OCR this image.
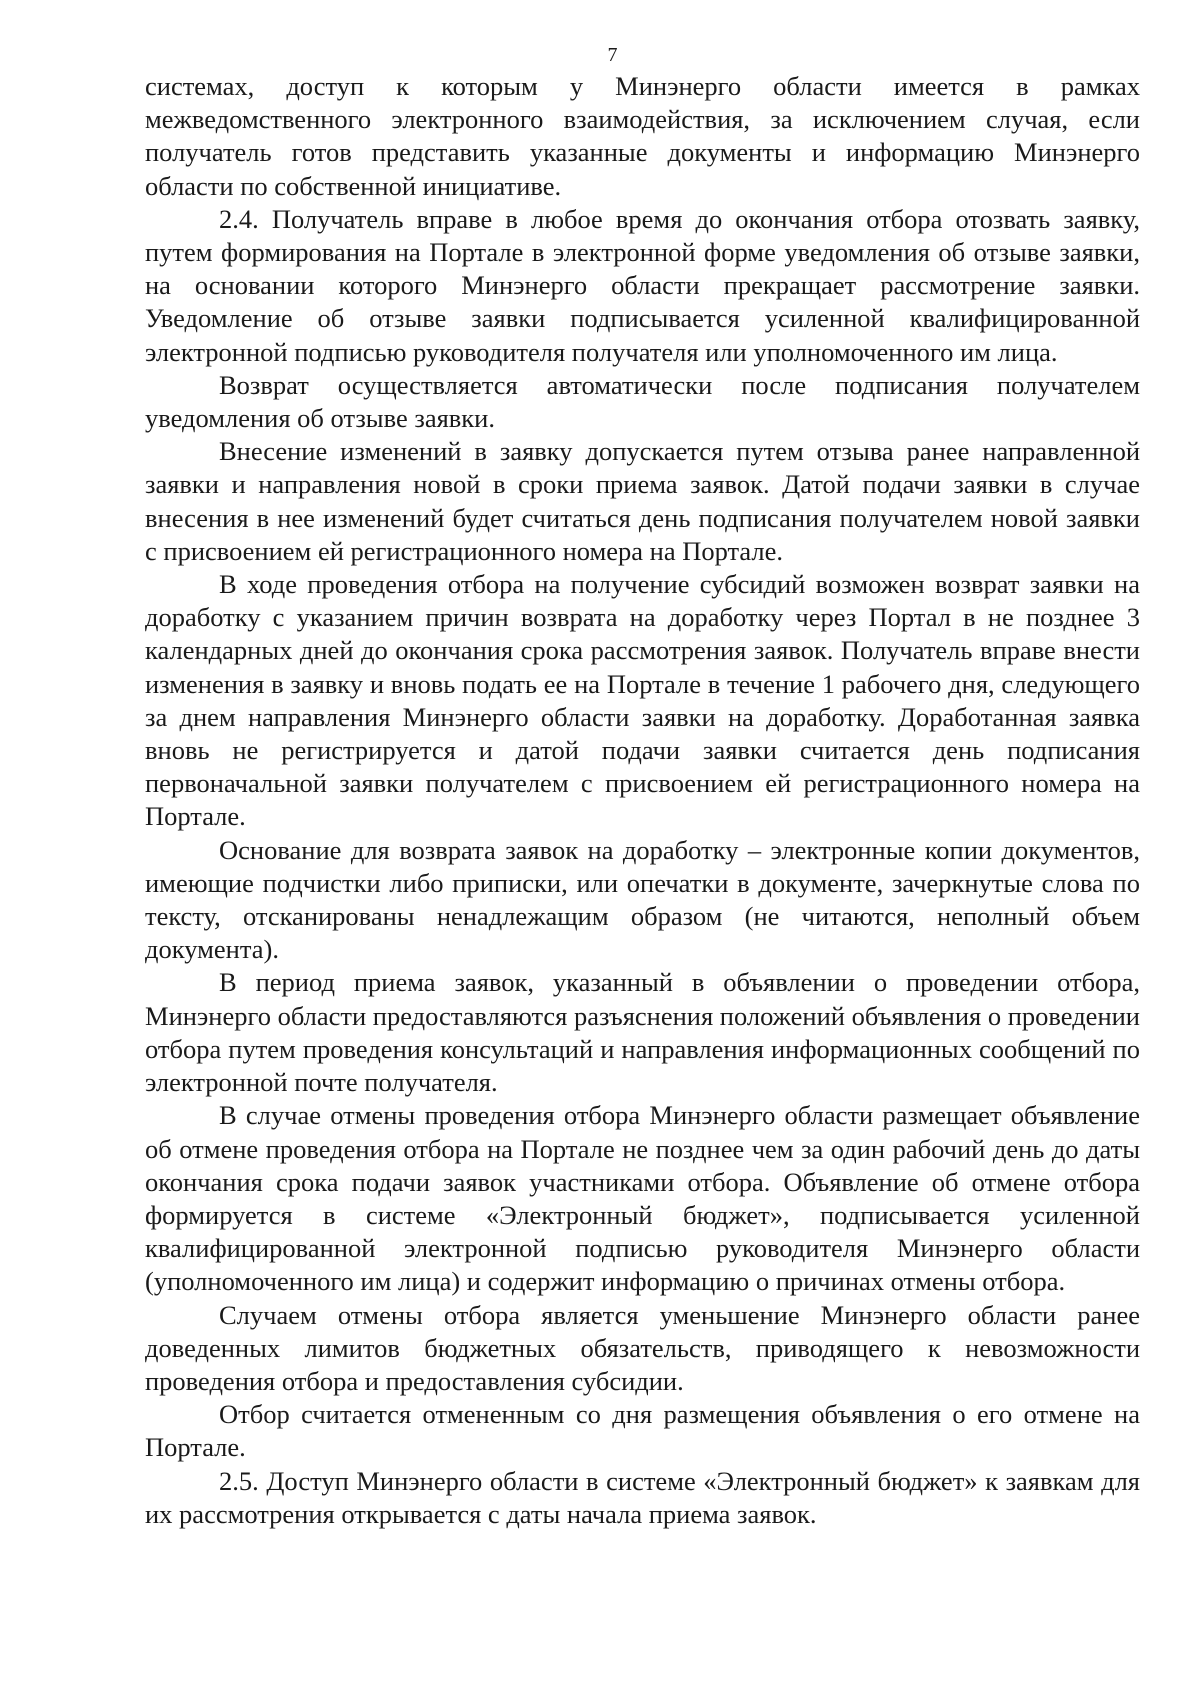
7

системах, доступ к которым у Минэнерго области имеется в рамках межведомственного электронного взаимодействия, за исключением случая, если получатель готов представить указанные документы и информацию Минэнерго области по собственной инициативе.

2.4. Получатель вправе в любое время до окончания отбора отозвать заявку, путем формирования на Портале в электронной форме уведомления об отзыве заявки, на основании которого Минэнерго области прекращает рассмотрение заявки. Уведомление об отзыве заявки подписывается усиленной квалифицированной электронной подписью руководителя получателя или уполномоченного им лица.

Возврат осуществляется автоматически после подписания получателем уведомления об отзыве заявки.

Внесение изменений в заявку допускается путем отзыва ранее направленной заявки и направления новой в сроки приема заявок. Датой подачи заявки в случае внесения в нее изменений будет считаться день подписания получателем новой заявки с присвоением ей регистрационного номера на Портале.

В ходе проведения отбора на получение субсидий возможен возврат заявки на доработку с указанием причин возврата на доработку через Портал в не позднее 3 календарных дней до окончания срока рассмотрения заявок. Получатель вправе внести изменения в заявку и вновь подать ее на Портале в течение 1 рабочего дня, следующего за днем направления Минэнерго области заявки на доработку. Доработанная заявка вновь не регистрируется и датой подачи заявки считается день подписания первоначальной заявки получателем с присвоением ей регистрационного номера на Портале.

Основание для возврата заявок на доработку – электронные копии документов, имеющие подчистки либо приписки, или опечатки в документе, зачеркнутые слова по тексту, отсканированы ненадлежащим образом (не читаются, неполный объем документа).

В период приема заявок, указанный в объявлении о проведении отбора, Минэнерго области предоставляются разъяснения положений объявления о проведении отбора путем проведения консультаций и направления информационных сообщений по электронной почте получателя.

В случае отмены проведения отбора Минэнерго области размещает объявление об отмене проведения отбора на Портале не позднее чем за один рабочий день до даты окончания срока подачи заявок участниками отбора. Объявление об отмене отбора формируется в системе «Электронный бюджет», подписывается усиленной квалифицированной электронной подписью руководителя Минэнерго области (уполномоченного им лица) и содержит информацию о причинах отмены отбора.

Случаем отмены отбора является уменьшение Минэнерго области ранее доведенных лимитов бюджетных обязательств, приводящего к невозможности проведения отбора и предоставления субсидии.

Отбор считается отмененным со дня размещения объявления о его отмене на Портале.

2.5. Доступ Минэнерго области в системе «Электронный бюджет» к заявкам для их рассмотрения открывается с даты начала приема заявок.
